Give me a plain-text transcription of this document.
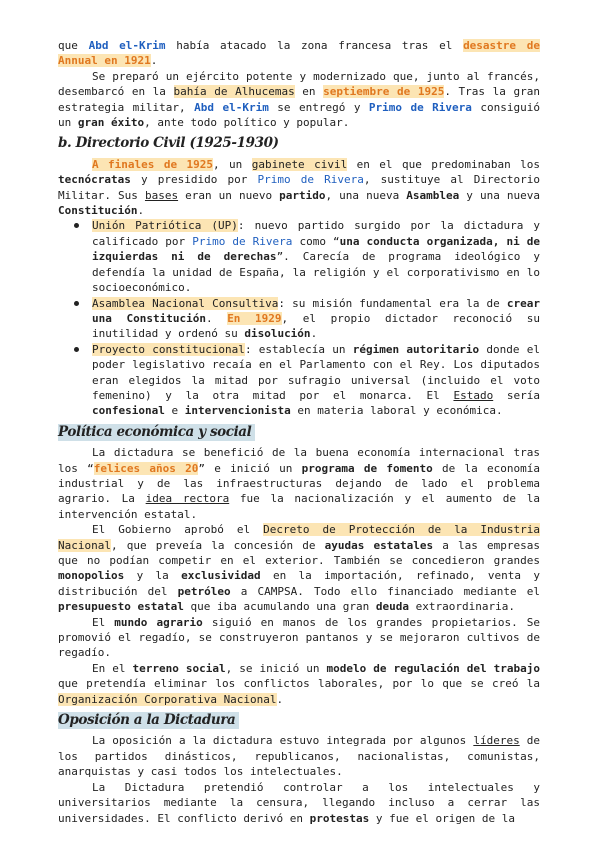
que Abd el-Krim había atacado la zona francesa tras el desastre de Annual en 1921.

Se preparó un ejército potente y modernizado que, junto al francés, desembarcó en la bahía de Alhucemas en septiembre de 1925. Tras la gran estrategia militar, Abd el-Krim se entregó y Primo de Rivera consiguió un gran éxito, ante todo político y popular.

b. Directorio Civil (1925-1930)

A finales de 1925, un gabinete civil en el que predominaban los tecnócratas y presidido por Primo de Rivera, sustituye al Directorio Militar. Sus bases eran un nuevo partido, una nueva Asamblea y una nueva Constitución.

Unión Patriótica (UP): nuevo partido surgido por la dictadura y calificado por Primo de Rivera como “una conducta organizada, ni de izquierdas ni de derechas”. Carecía de programa ideológico y defendía la unidad de España, la religión y el corporativismo en lo socioeconómico.
Asamblea Nacional Consultiva: su misión fundamental era la de crear una Constitución. En 1929, el propio dictador reconoció su inutilidad y ordenó su disolución.
Proyecto constitucional: establecía un régimen autoritario donde el poder legislativo recaía en el Parlamento con el Rey. Los diputados eran elegidos la mitad por sufragio universal (incluido el voto femenino) y la otra mitad por el monarca. El Estado sería confesional e intervencionista en materia laboral y económica.
Política económica y social

La dictadura se benefició de la buena economía internacional tras los “felices años 20” e inició un programa de fomento de la economía industrial y de las infraestructuras dejando de lado el problema agrario. La idea rectora fue la nacionalización y el aumento de la intervención estatal.

El Gobierno aprobó el Decreto de Protección de la Industria Nacional, que preveía la concesión de ayudas estatales a las empresas que no podían competir en el exterior. También se concedieron grandes monopolios y la exclusividad en la importación, refinado, venta y distribución del petróleo a CAMPSA. Todo ello financiado mediante el presupuesto estatal que iba acumulando una gran deuda extraordinaria.

El mundo agrario siguió en manos de los grandes propietarios. Se promovió el regadío, se construyeron pantanos y se mejoraron cultivos de regadío.

En el terreno social, se inició un modelo de regulación del trabajo que pretendía eliminar los conflictos laborales, por lo que se creó la Organización Corporativa Nacional.

Oposición a la Dictadura

La oposición a la dictadura estuvo integrada por algunos líderes de los partidos dinásticos, republicanos, nacionalistas, comunistas, anarquistas y casi todos los intelectuales.

La Dictadura pretendió controlar a los intelectuales y universitarios mediante la censura, llegando incluso a cerrar las universidades. El conflicto derivó en protestas y fue el origen de la
